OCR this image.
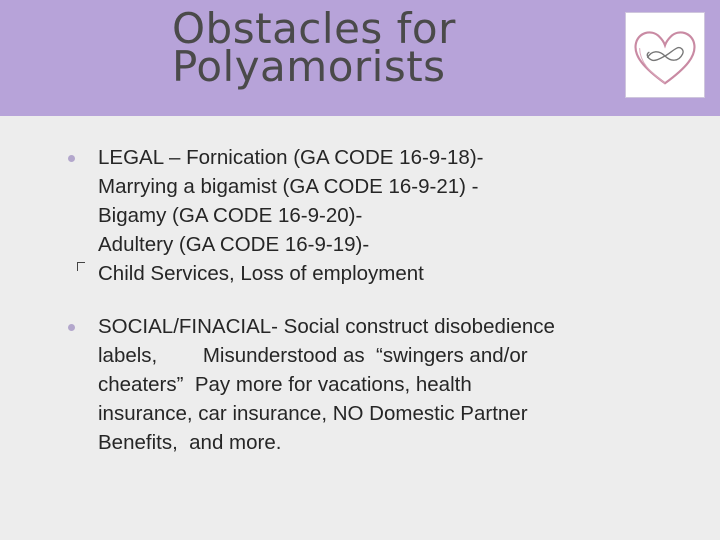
Obstacles for
Polyamorists
LEGAL – Fornication (GA CODE 16-9-18)-
Marrying a bigamist (GA CODE 16-9-21) -
Bigamy (GA CODE 16-9-20)-
Adultery (GA CODE 16-9-19)-
Child Services, Loss of employment
SOCIAL/FINACIAL- Social construct disobedience
labels,        Misunderstood as  “swingers and/or
cheaters”  Pay more for vacations, health
insurance, car insurance, NO Domestic Partner
Benefits,  and more.
